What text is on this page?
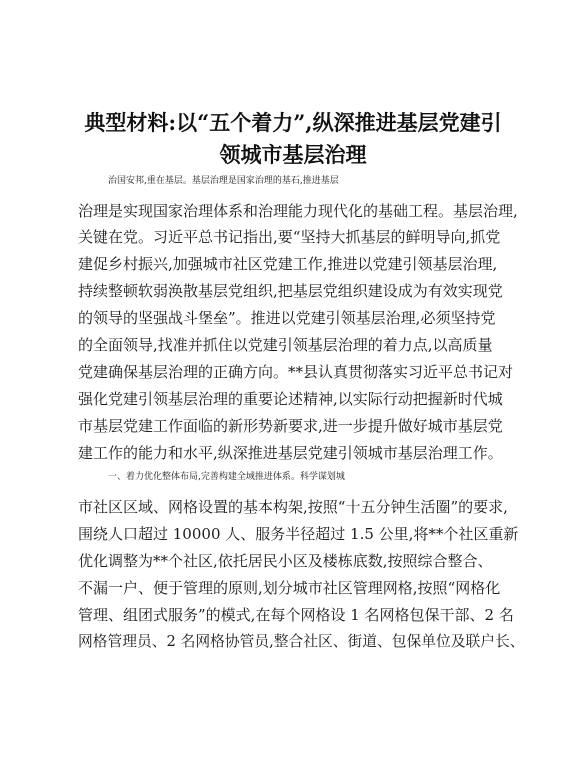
典型材料:以“五个着力”,纵深推进基层党建引
领城市基层治理
治国安邦,重在基层。基层治理是国家治理的基石,推进基层
治理是实现国家治理体系和治理能力现代化的基础工程。基层治理,
关键在党。习近平总书记指出,要“坚持大抓基层的鲜明导向,抓党
建促乡村振兴,加强城市社区党建工作,推进以党建引领基层治理,
持续整顿软弱涣散基层党组织,把基层党组织建设成为有效实现党
的领导的坚强战斗堡垒”。推进以党建引领基层治理,必须坚持党
的全面领导,找准并抓住以党建引领基层治理的着力点,以高质量
党建确保基层治理的正确方向。**县认真贯彻落实习近平总书记对
强化党建引领基层治理的重要论述精神,以实际行动把握新时代城
市基层党建工作面临的新形势新要求,进一步提升做好城市基层党
建工作的能力和水平,纵深推进基层党建引领城市基层治理工作。
一、着力优化整体布局,完善构建全域推进体系。科学谋划城
市社区区域、网格设置的基本构架,按照“十五分钟生活圈”的要求,
围绕人口超过 10000 人、服务半径超过 1.5 公里,将**个社区重新
优化调整为**个社区,依托居民小区及楼栋底数,按照综合整合、
不漏一户、便于管理的原则,划分城市社区管理网格,按照“网格化
管理、组团式服务”的模式,在每个网格设 1 名网格包保干部、2 名
网格管理员、2 名网格协管员,整合社区、街道、包保单位及联户长、
